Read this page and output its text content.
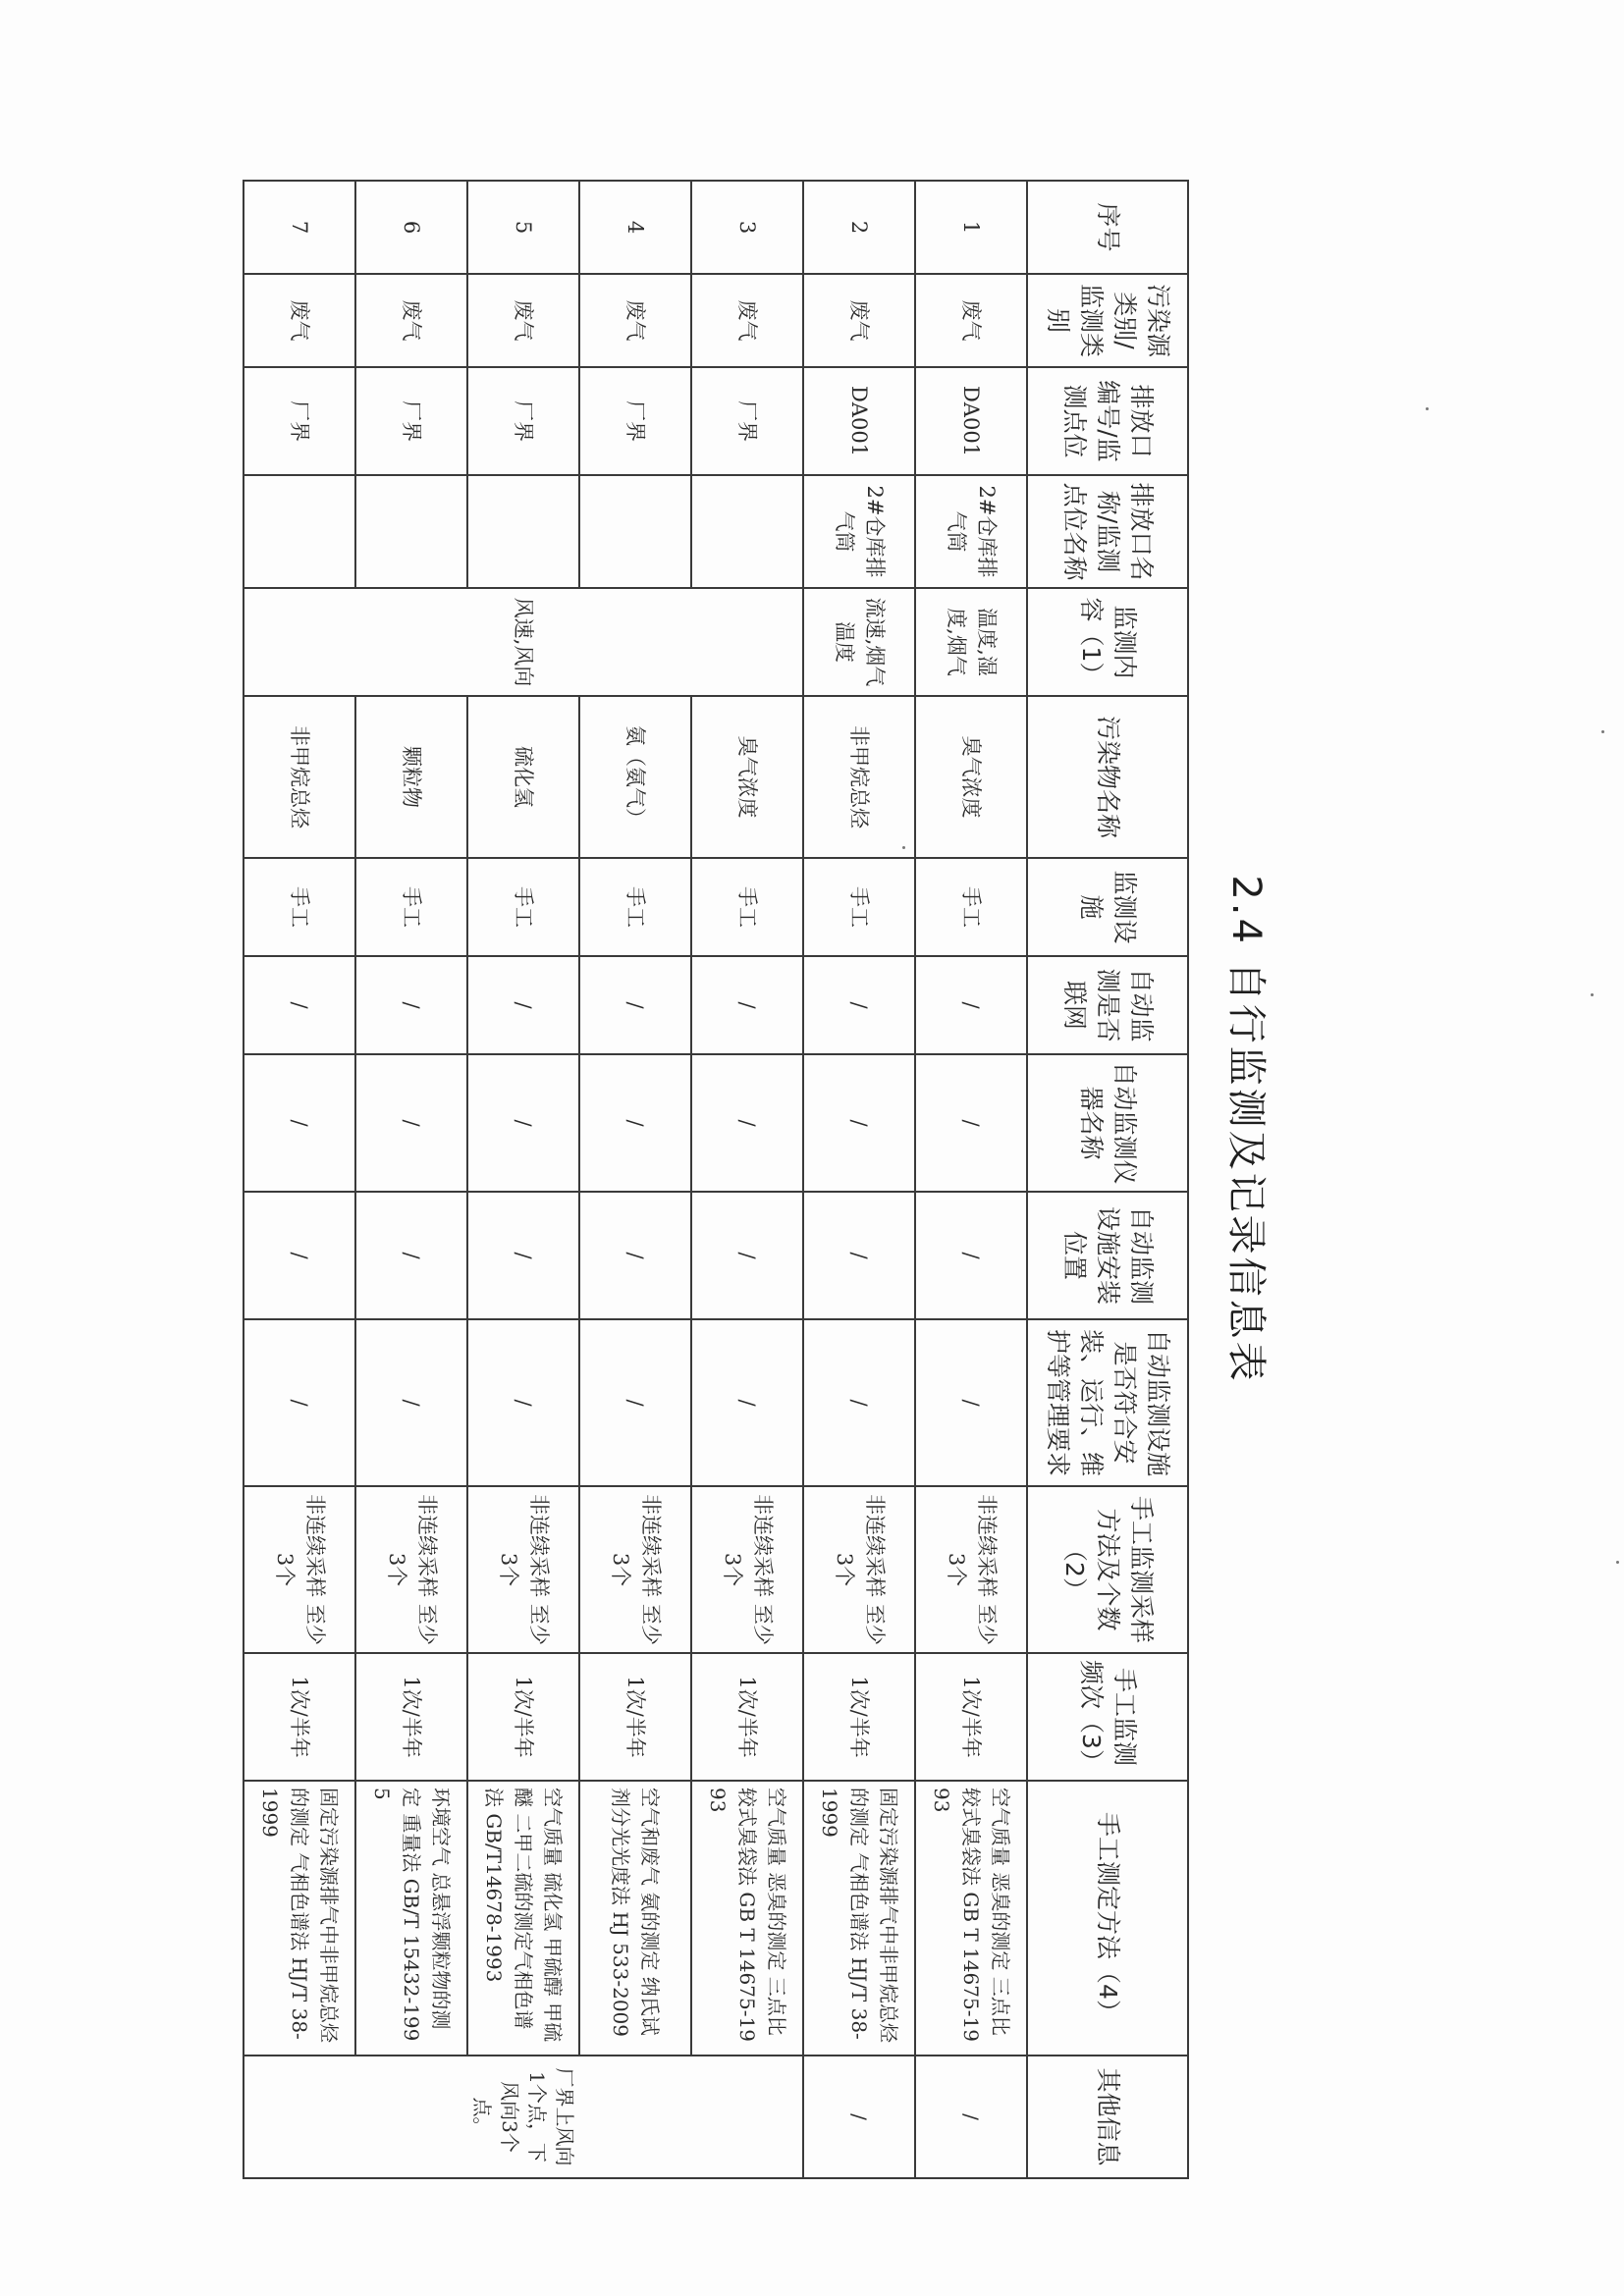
2.4 自行监测及记录信息表
序号	污染源类别/监测类别	排放口编号/监测点位	排放口名称/监测点位名称	监测内容（1）	污染物名称	监测设施	自动监测是否联网	自动监测仪器名称	自动监测设施安装位置	自动监测设施是否符合安装、运行、维护等管理要求	手工监测采样方法及个数（2）	手工监测频次（3）	手工测定方法（4）	其他信息
1	废气	DA001	2#仓库排气筒	温度,湿度,烟气	臭气浓度	手工	/	/	/	/	非连续采样 至少3个	1次/半年	空气质量 恶臭的测定 三点比较式臭袋法 GB T 14675-1993	/
2	废气	DA001	2#仓库排气筒	流速,烟气温度	非甲烷总烃	手工	/	/	/	/	非连续采样 至少3个	1次/半年	固定污染源排气中非甲烷总烃的测定 气相色谱法 HJ/T 38-1999	/
3	废气	厂界		风速,风向	臭气浓度	手工	/	/	/	/	非连续采样 至少3个	1次/半年	空气质量 恶臭的测定 三点比较式臭袋法 GB T 14675-1993	厂界上风向1个点，下风向3个点。
4	废气	厂界			氨（氨气）	手工	/	/	/	/	非连续采样 至少3个	1次/半年	空气和废气 氨的测定 纳氏试剂分光光度法 HJ 533-2009	
5	废气	厂界			硫化氢	手工	/	/	/	/	非连续采样 至少3个	1次/半年	空气质量 硫化氢 甲硫醇 甲硫醚 二甲二硫的测定气相色谱法 GB/T14678-1993	
6	废气	厂界			颗粒物	手工	/	/	/	/	非连续采样 至少3个	1次/半年	环境空气 总悬浮颗粒物的测定 重量法 GB/T 15432-1995	
7	废气	厂界			非甲烷总烃	手工	/	/	/	/	非连续采样 至少3个	1次/半年	固定污染源排气中非甲烷总烃的测定 气相色谱法 HJ/T 38-1999	
